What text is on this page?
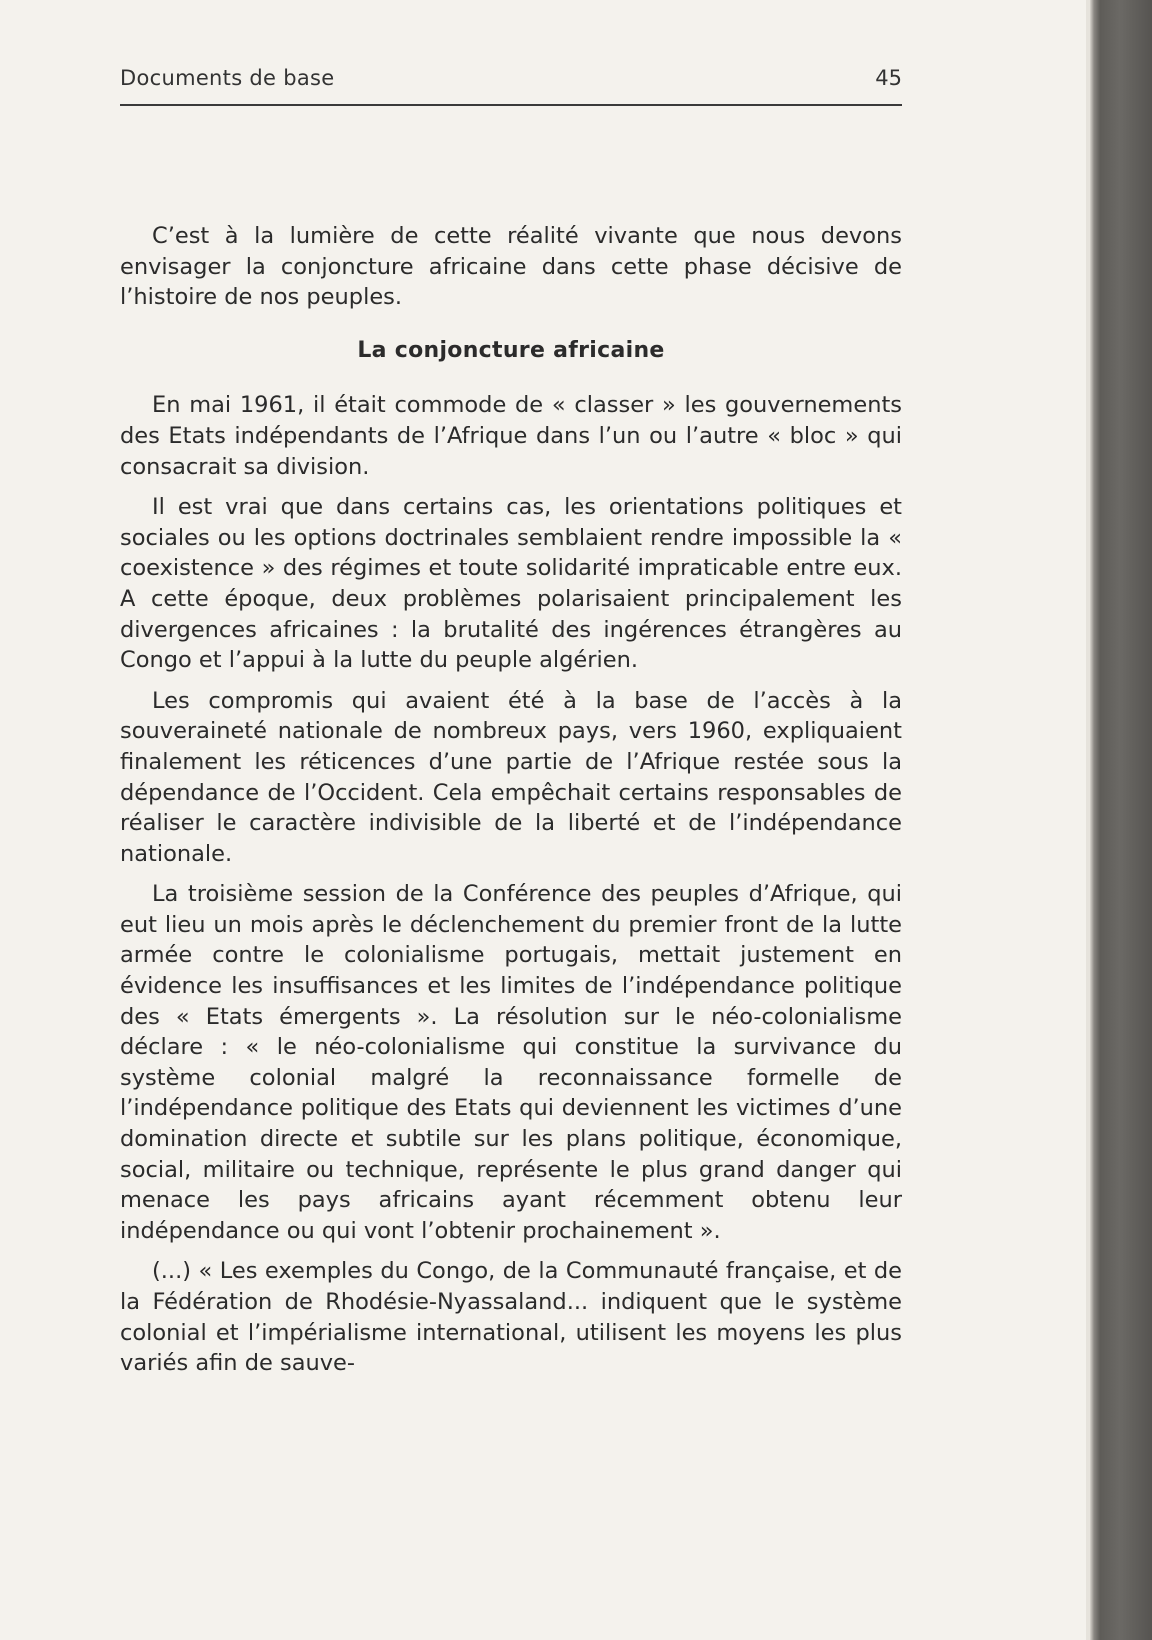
Documents de base	45

C’est à la lumière de cette réalité vivante que nous devons envisager la conjoncture africaine dans cette phase décisive de l’histoire de nos peuples.

La conjoncture africaine

En mai 1961, il était commode de « classer » les gouvernements des Etats indépendants de l’Afrique dans l’un ou l’autre « bloc » qui consacrait sa division.

Il est vrai que dans certains cas, les orientations politiques et sociales ou les options doctrinales semblaient rendre impossible la « coexistence » des régimes et toute solidarité impraticable entre eux. A cette époque, deux problèmes polarisaient principalement les divergences africaines : la brutalité des ingérences étrangères au Congo et l’appui à la lutte du peuple algérien.

Les compromis qui avaient été à la base de l’accès à la souveraineté nationale de nombreux pays, vers 1960, expliquaient finalement les réticences d’une partie de l’Afrique restée sous la dépendance de l’Occident. Cela empêchait certains responsables de réaliser le caractère indivisible de la liberté et de l’indépendance nationale.

La troisième session de la Conférence des peuples d’Afrique, qui eut lieu un mois après le déclenchement du premier front de la lutte armée contre le colonialisme portugais, mettait justement en évidence les insuffisances et les limites de l’indépendance politique des « Etats émergents ». La résolution sur le néo-colonialisme déclare : « le néo-colonialisme qui constitue la survivance du système colonial malgré la reconnaissance formelle de l’indépendance politique des Etats qui deviennent les victimes d’une domination directe et subtile sur les plans politique, économique, social, militaire ou technique, représente le plus grand danger qui menace les pays africains ayant récemment obtenu leur indépendance ou qui vont l’obtenir prochainement ».

(...) « Les exemples du Congo, de la Communauté française, et de la Fédération de Rhodésie-Nyassaland... indiquent que le système colonial et l’impérialisme international, utilisent les moyens les plus variés afin de sauve-
